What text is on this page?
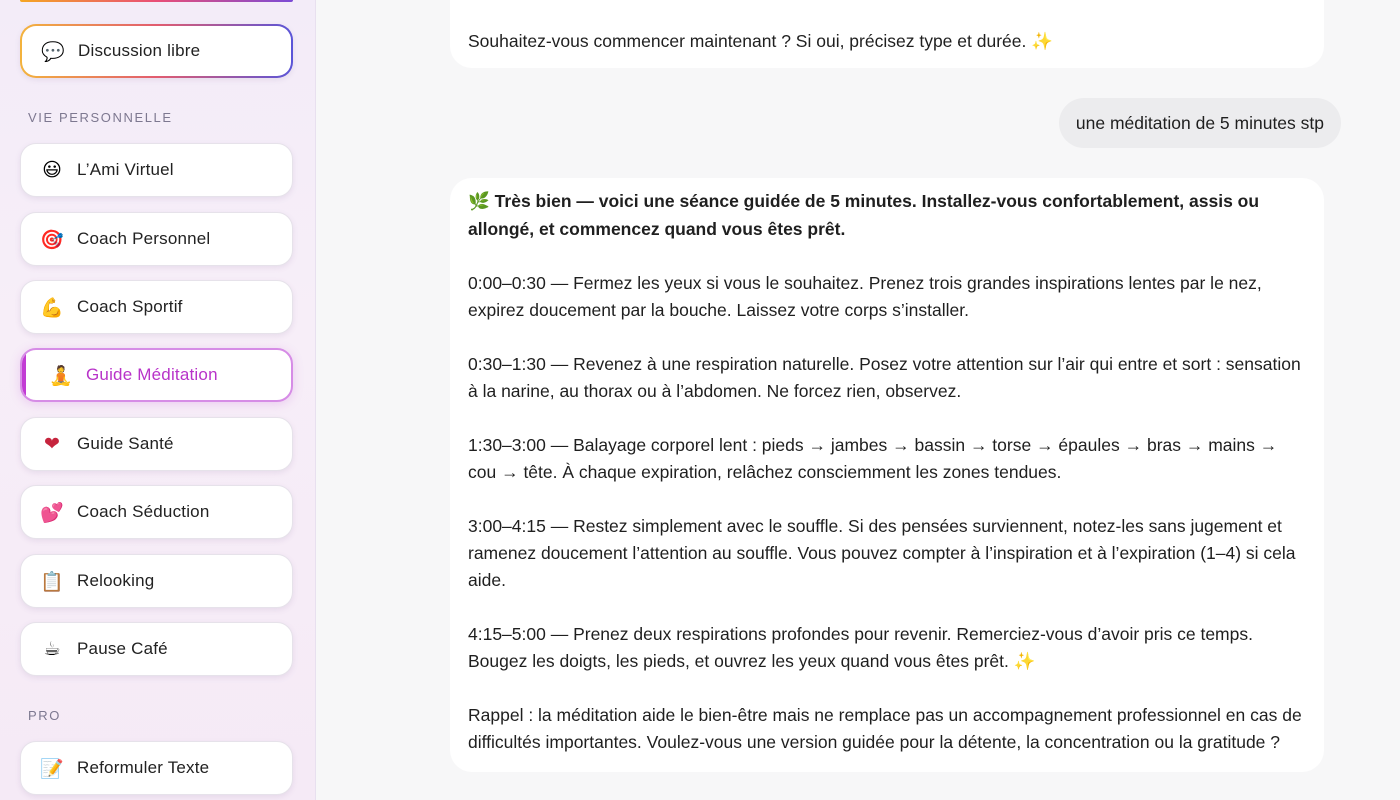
💬 Discussion libre
VIE PERSONNELLE
😃 L’Ami Virtuel
🎯 Coach Personnel
💪 Coach Sportif
🧘 Guide Méditation
❤ Guide Santé
💕 Coach Séduction
📋 Relooking
☕ Pause Café
PRO
📝 Reformuler Texte
Souhaitez-vous commencer maintenant ? Si oui, précisez type et durée. ✨
une méditation de 5 minutes stp
🌿 Très bien — voici une séance guidée de 5 minutes. Installez-vous confortablement, assis ou allongé, et commencez quand vous êtes prêt.
0:00–0:30 — Fermez les yeux si vous le souhaitez. Prenez trois grandes inspirations lentes par le nez, expirez doucement par la bouche. Laissez votre corps s’installer.
0:30–1:30 — Revenez à une respiration naturelle. Posez votre attention sur l’air qui entre et sort : sensation à la narine, au thorax ou à l’abdomen. Ne forcez rien, observez.
1:30–3:00 — Balayage corporel lent : pieds → jambes → bassin → torse → épaules → bras → mains → cou → tête. À chaque expiration, relâchez consciemment les zones tendues.
3:00–4:15 — Restez simplement avec le souffle. Si des pensées surviennent, notez-les sans jugement et ramenez doucement l’attention au souffle. Vous pouvez compter à l’inspiration et à l’expiration (1–4) si cela aide.
4:15–5:00 — Prenez deux respirations profondes pour revenir. Remerciez-vous d’avoir pris ce temps. Bougez les doigts, les pieds, et ouvrez les yeux quand vous êtes prêt. ✨
Rappel : la méditation aide le bien-être mais ne remplace pas un accompagnement professionnel en cas de difficultés importantes. Voulez-vous une version guidée pour la détente, la concentration ou la gratitude ?
